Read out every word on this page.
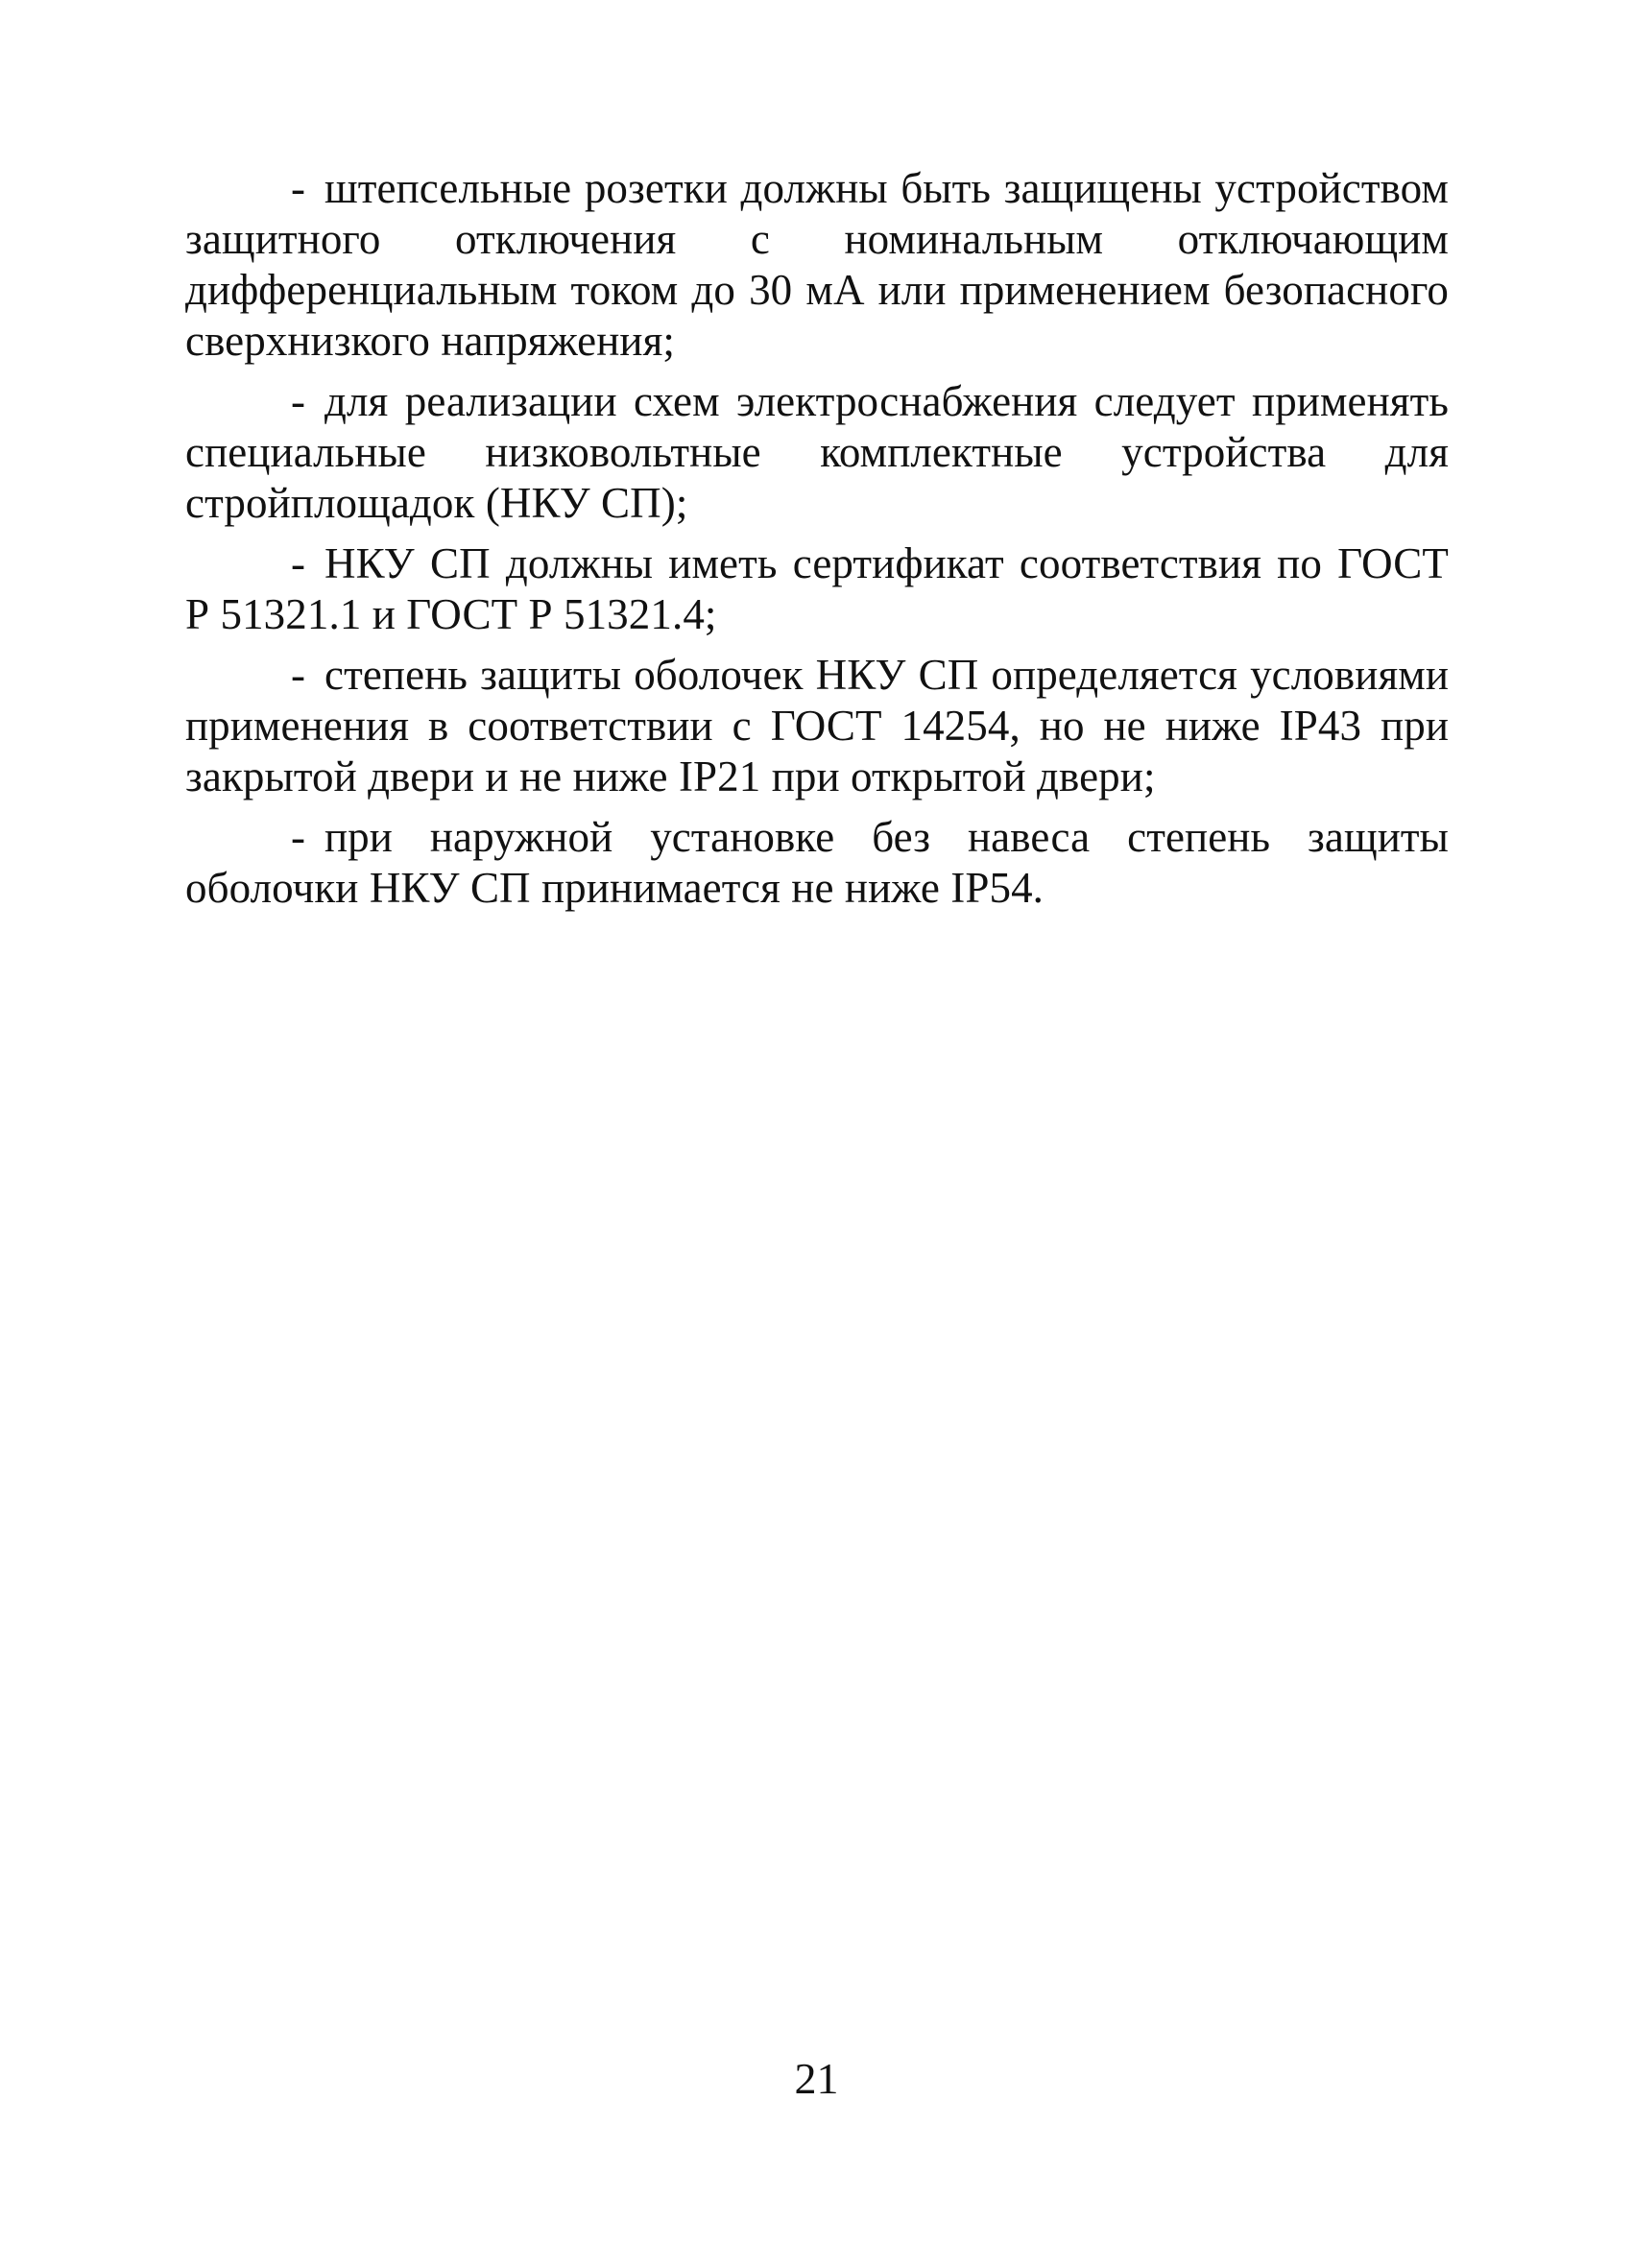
- штепсельные розетки должны быть защищены устройством защитного отключения с номинальным отключающим дифференциальным током до 30 мА или применением безопасного сверхнизкого напряжения;

- для реализации схем электроснабжения следует применять специальные низковольтные комплектные устройства для стройплощадок (НКУ СП);

- НКУ СП должны иметь сертификат соответствия по ГОСТ Р 51321.1 и ГОСТ Р 51321.4;

- степень защиты оболочек НКУ СП определяется условиями применения в соответствии с ГОСТ 14254, но не ниже IP43 при закрытой двери и не ниже IP21 при открытой двери;

- при наружной установке без навеса степень защиты оболочки НКУ СП принимается не ниже IP54.

21
